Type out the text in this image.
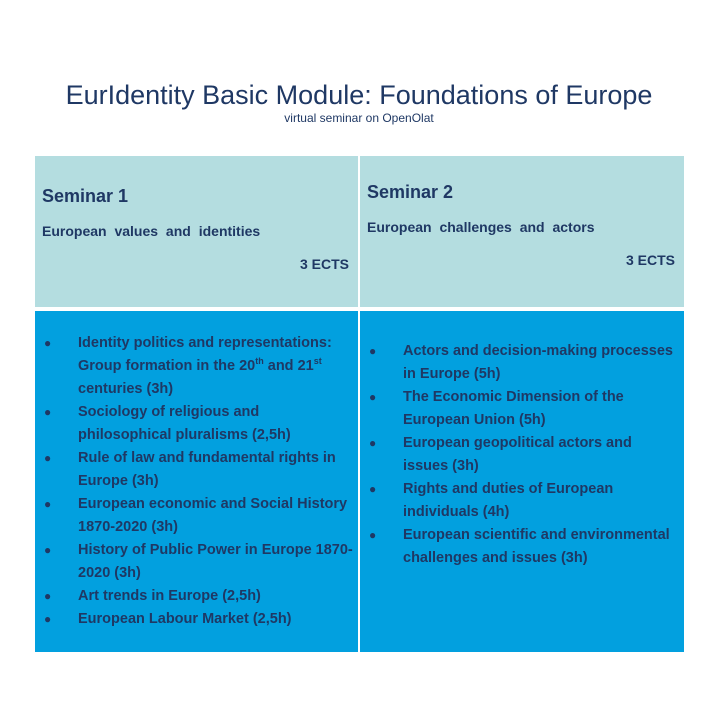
EurIdentity Basic Module: Foundations of Europe
virtual seminar on OpenOlat
Seminar 1
European values and identities
3 ECTS
Seminar 2
European challenges and actors
3 ECTS
● Identity politics and representations: Group formation in the 20th and 21st centuries (3h)
● Sociology of religious and philosophical pluralisms (2,5h)
● Rule of law and fundamental rights in Europe (3h)
● European economic and Social History 1870-2020 (3h)
● History of Public Power in Europe 1870-2020 (3h)
● Art trends in Europe (2,5h)
● European Labour Market (2,5h)
● Actors and decision-making processes in Europe (5h)
● The Economic Dimension of the European Union (5h)
● European geopolitical actors and issues (3h)
● Rights and duties of European individuals (4h)
● European scientific and environmental challenges and issues (3h)
